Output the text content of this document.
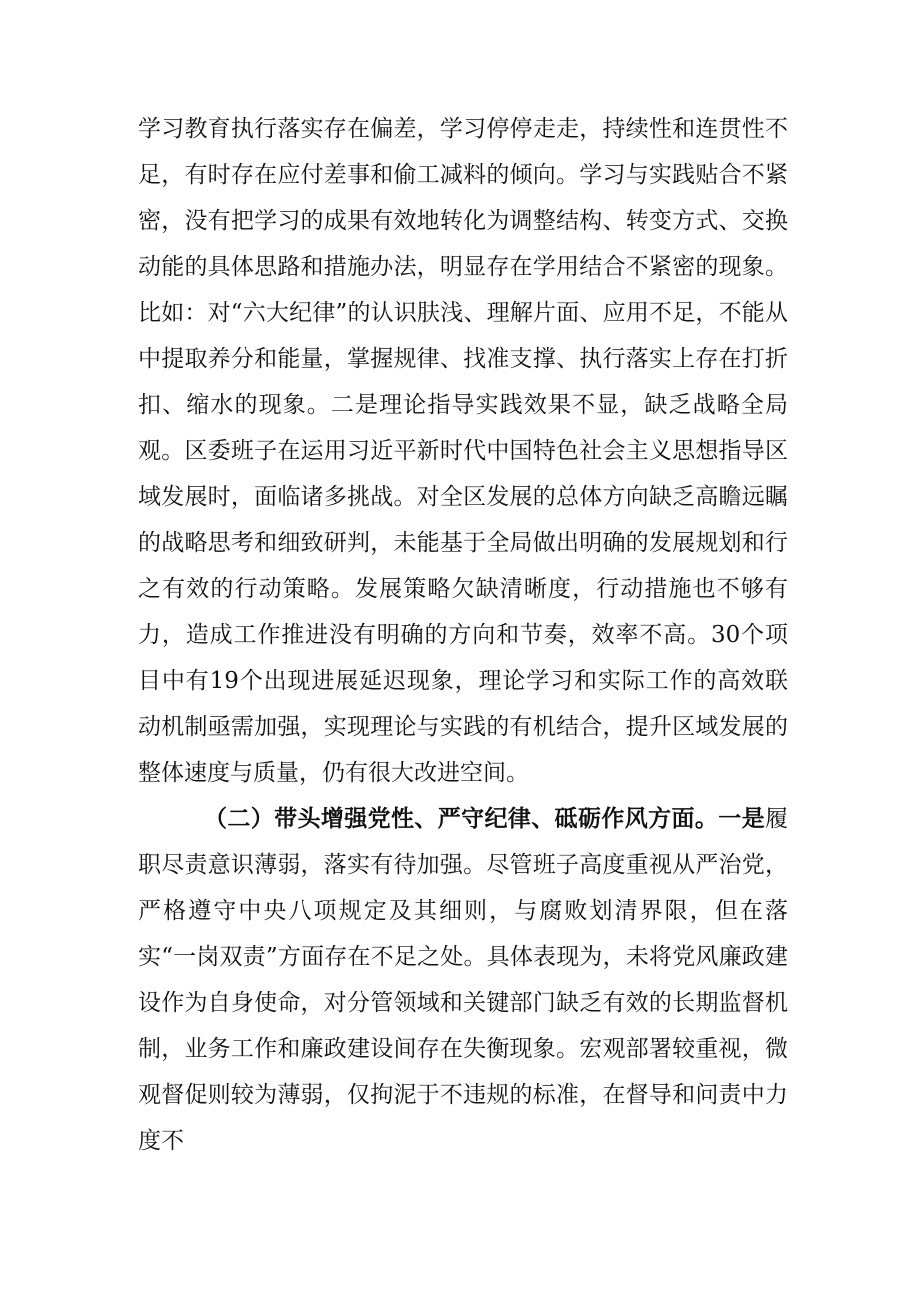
学习教育执行落实存在偏差，学习停停走走，持续性和连贯性不足，有时存在应付差事和偷工减料的倾向。学习与实践贴合不紧密，没有把学习的成果有效地转化为调整结构、转变方式、交换动能的具体思路和措施办法，明显存在学用结合不紧密的现象。比如：对“六大纪律”的认识肤浅、理解片面、应用不足，不能从中提取养分和能量，掌握规律、找准支撑、执行落实上存在打折扣、缩水的现象。二是理论指导实践效果不显，缺乏战略全局观。区委班子在运用习近平新时代中国特色社会主义思想指导区域发展时，面临诸多挑战。对全区发展的总体方向缺乏高瞻远瞩的战略思考和细致研判，未能基于全局做出明确的发展规划和行之有效的行动策略。发展策略欠缺清晰度，行动措施也不够有力，造成工作推进没有明确的方向和节奏，效率不高。30个项目中有19个出现进展延迟现象，理论学习和实际工作的高效联动机制亟需加强，实现理论与实践的有机结合，提升区域发展的整体速度与质量，仍有很大改进空间。

（二）带头增强党性、严守纪律、砥砺作风方面。一是履职尽责意识薄弱，落实有待加强。尽管班子高度重视从严治党，严格遵守中央八项规定及其细则，与腐败划清界限，但在落实“一岗双责”方面存在不足之处。具体表现为，未将党风廉政建设作为自身使命，对分管领域和关键部门缺乏有效的长期监督机制，业务工作和廉政建设间存在失衡现象。宏观部署较重视，微观督促则较为薄弱，仅拘泥于不违规的标准，在督导和问责中力度不
